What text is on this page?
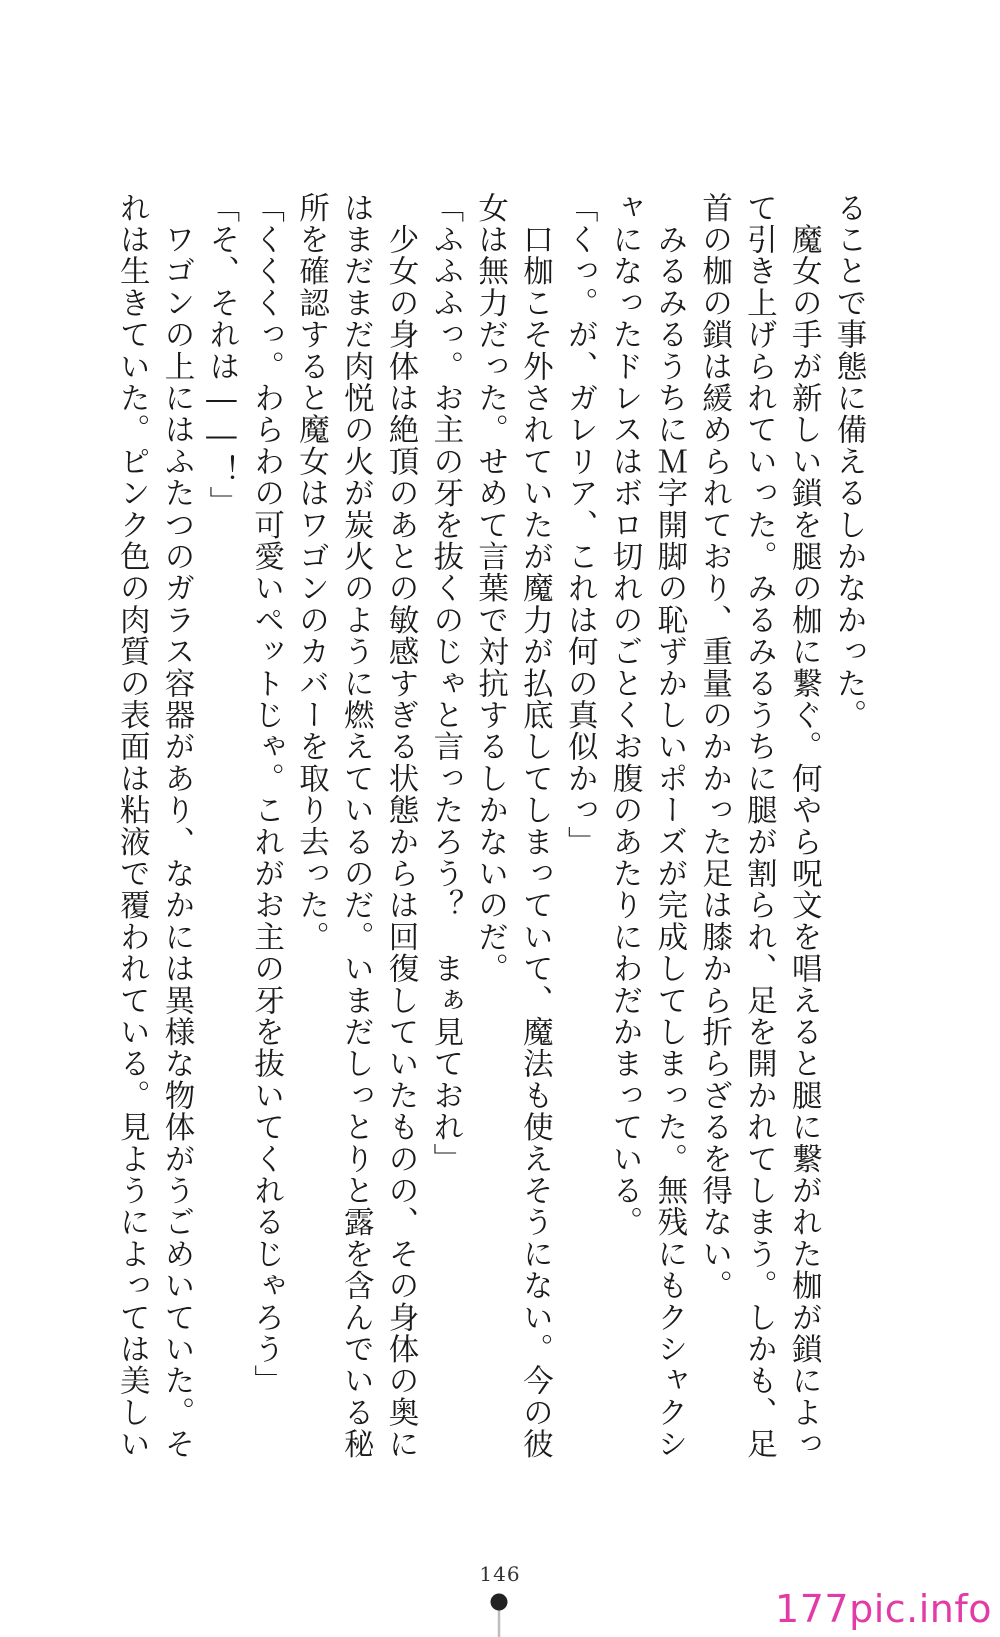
ることで事態に備えるしかなかった。
　魔女の手が新しい鎖を腿の枷に繋ぐ。何やら呪文を唱えると腿に繋がれた枷が鎖によっ
て引き上げられていった。みるみるうちに腿が割られ、足を開かれてしまう。しかも、足
首の枷の鎖は緩められており、重量のかかった足は膝から折らざるを得ない。
　みるみるうちにＭ字開脚の恥ずかしいポーズが完成してしまった。無残にもクシャクシ
ャになったドレスはボロ切れのごとくお腹のあたりにわだかまっている。
「くっ。が、ガレリア、これは何の真似かっ」
　口枷こそ外されていたが魔力が払底してしまっていて、魔法も使えそうにない。今の彼
女は無力だった。せめて言葉で対抗するしかないのだ。
「ふふふっ。お主の牙を抜くのじゃと言ったろう？　まぁ見ておれ」
　少女の身体は絶頂のあとの敏感すぎる状態からは回復していたものの、その身体の奥に
はまだまだ肉悦の火が炭火のように燃えているのだ。いまだしっとりと露を含んでいる秘
所を確認すると魔女はワゴンのカバーを取り去った。
「くくくっ。わらわの可愛いペットじゃ。これがお主の牙を抜いてくれるじゃろう」
「そ、それは――！」
　ワゴンの上にはふたつのガラス容器があり、なかには異様な物体がうごめいていた。そ
れは生きていた。ピンク色の肉質の表面は粘液で覆われている。見ようによっては美しい
146
177pic.info
